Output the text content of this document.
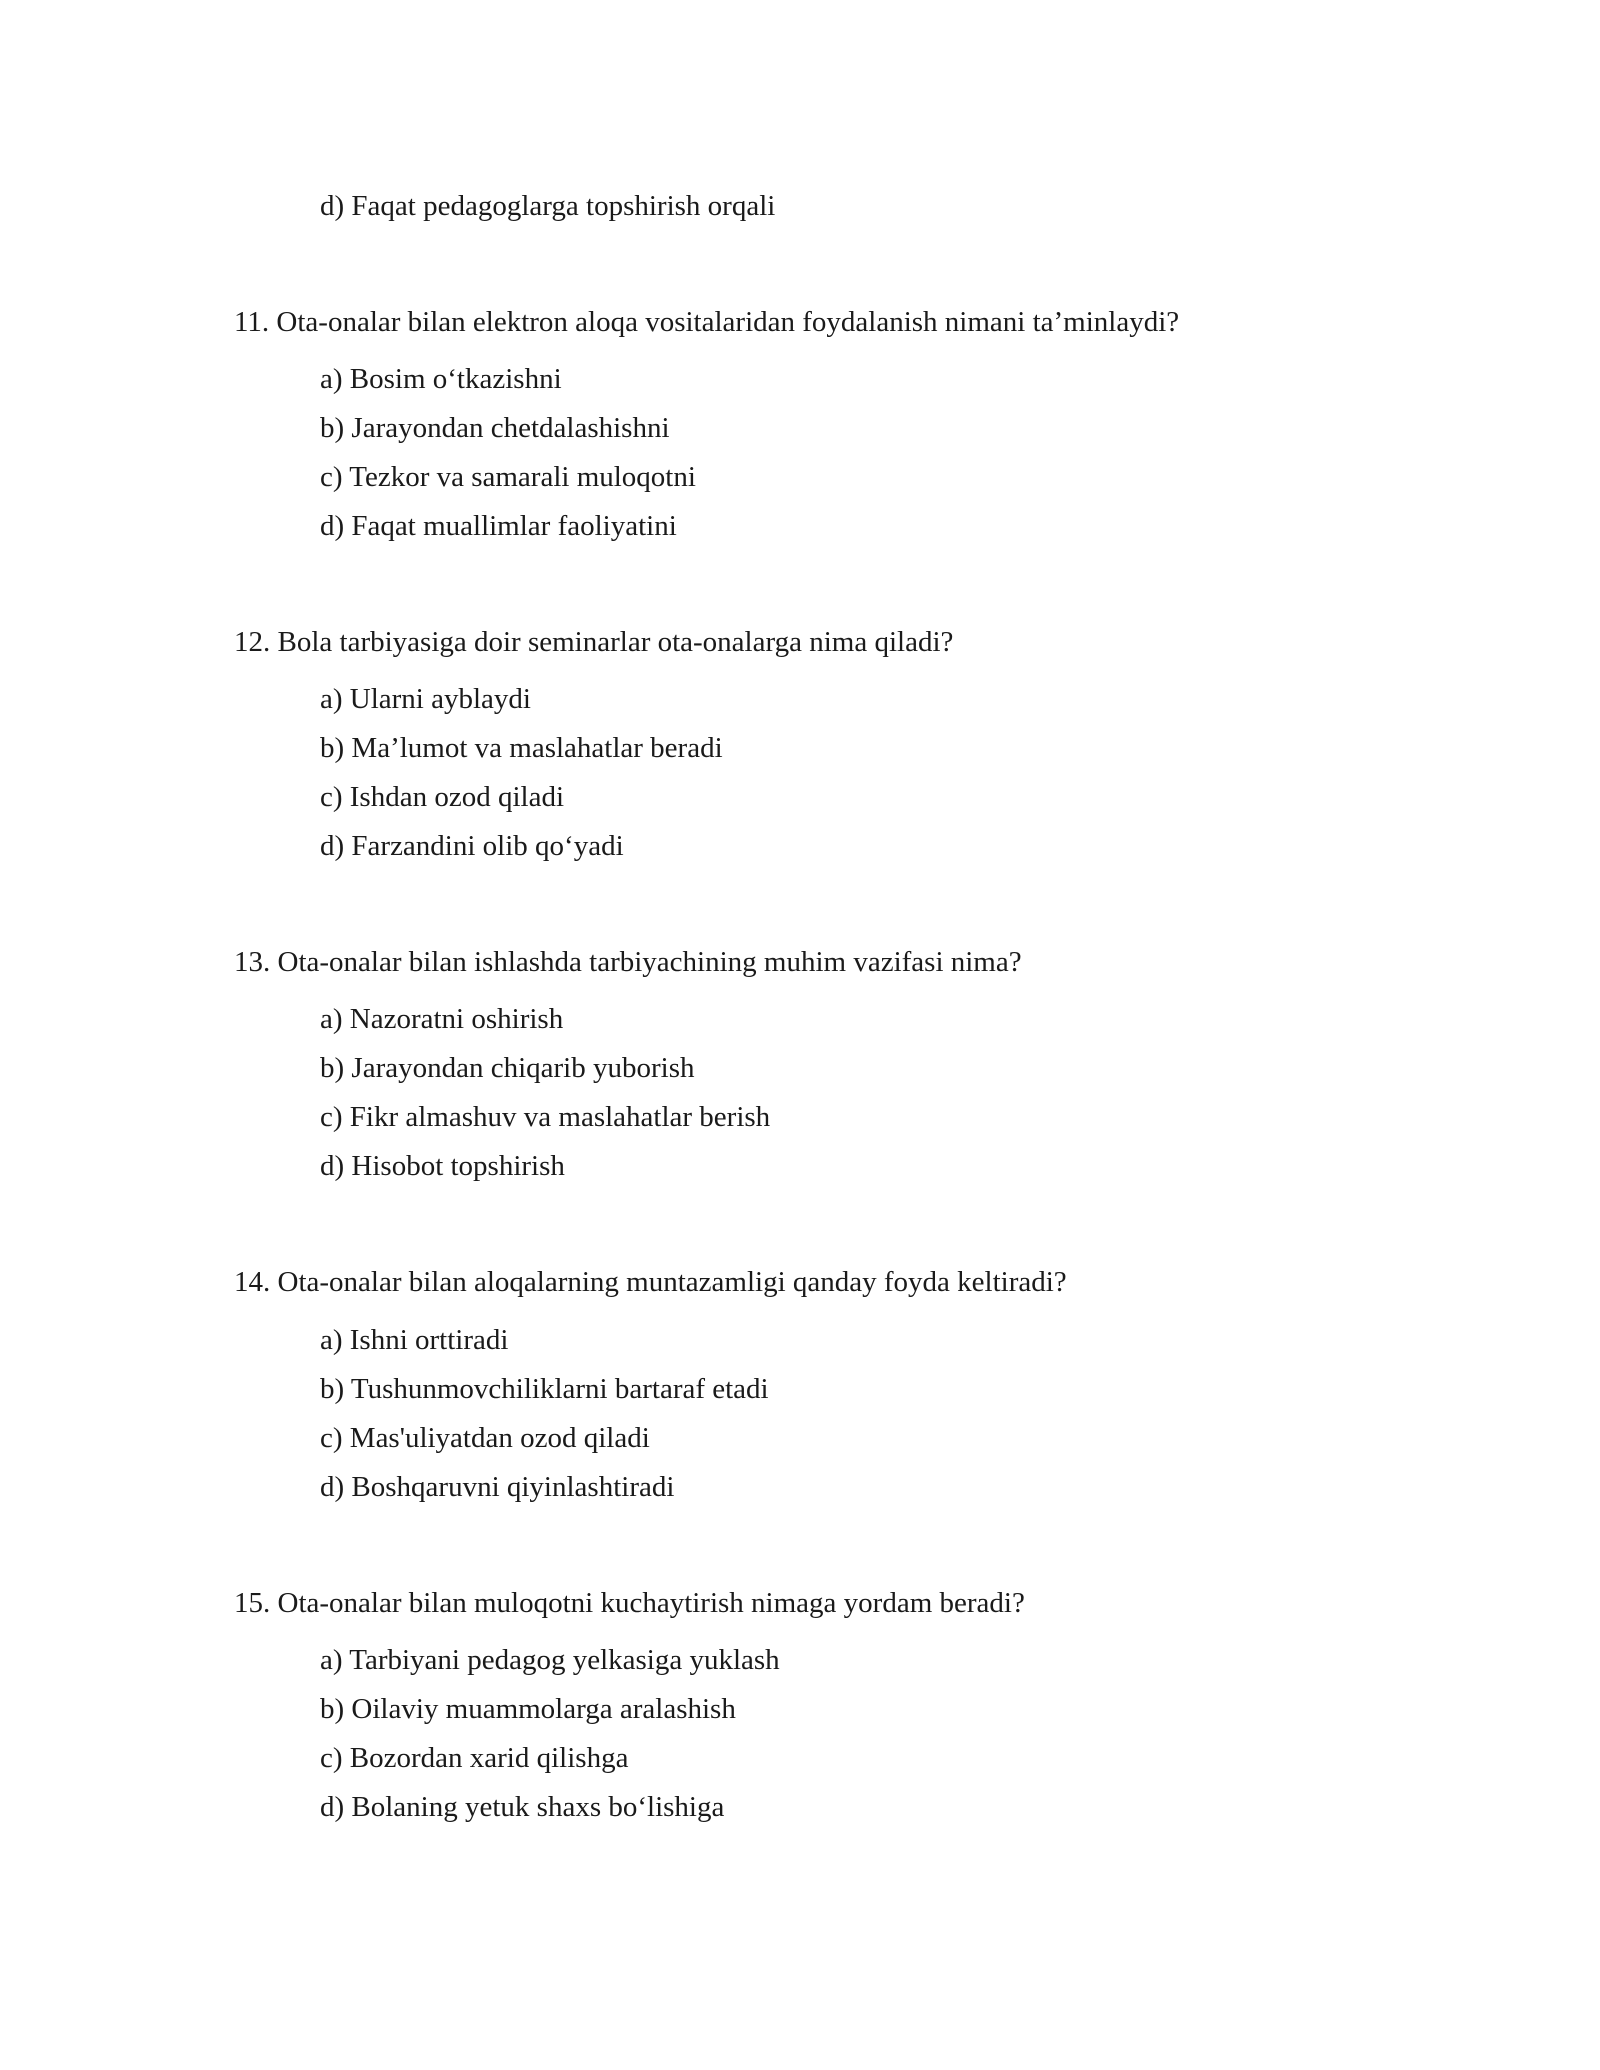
d) Faqat pedagoglarga topshirish orqali
11. Ota-onalar bilan elektron aloqa vositalaridan foydalanish nimani ta’minlaydi?
a) Bosim o‘tkazishni
b) Jarayondan chetdalashishni
c) Tezkor va samarali muloqotni
d) Faqat muallimlar faoliyatini
12. Bola tarbiyasiga doir seminarlar ota-onalarga nima qiladi?
a) Ularni ayblaydi
b) Ma’lumot va maslahatlar beradi
c) Ishdan ozod qiladi
d) Farzandini olib qo‘yadi
13. Ota-onalar bilan ishlashda tarbiyachining muhim vazifasi nima?
a) Nazoratni oshirish
b) Jarayondan chiqarib yuborish
c) Fikr almashuv va maslahatlar berish
d) Hisobot topshirish
14. Ota-onalar bilan aloqalarning muntazamligi qanday foyda keltiradi?
a) Ishni orttiradi
b) Tushunmovchiliklarni bartaraf etadi
c) Mas'uliyatdan ozod qiladi
d) Boshqaruvni qiyinlashtiradi
15. Ota-onalar bilan muloqotni kuchaytirish nimaga yordam beradi?
a) Tarbiyani pedagog yelkasiga yuklash
b) Oilaviy muammolarga aralashish
c) Bozordan xarid qilishga
d) Bolaning yetuk shaxs bo‘lishiga
